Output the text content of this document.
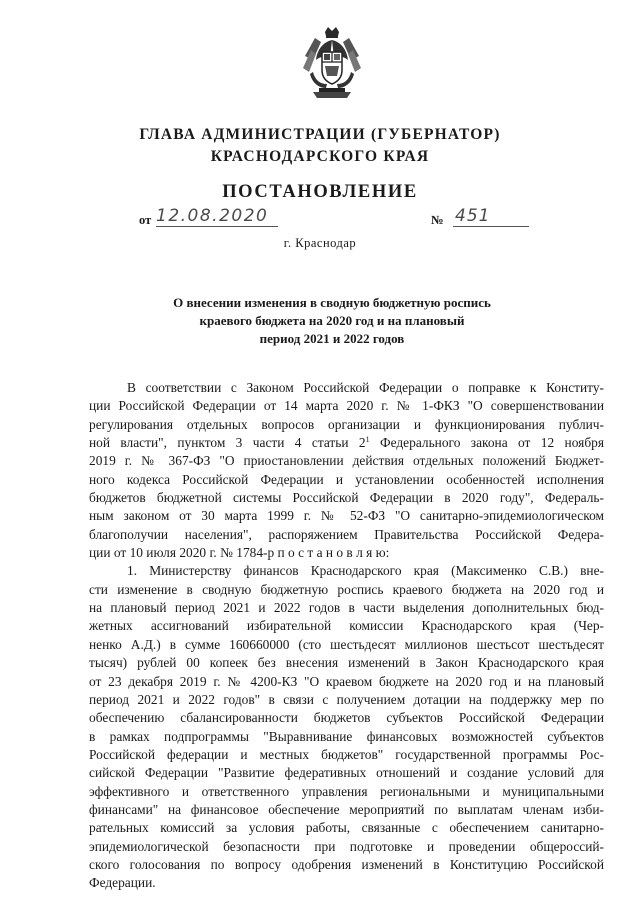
ГЛАВА АДМИНИСТРАЦИИ (ГУБЕРНАТОР)
КРАСНОДАРСКОГО КРАЯ
ПОСТАНОВЛЕНИЕ
от 12.08.2020	№ 451
г. Краснодар
О внесении изменения в сводную бюджетную роспись
краевого бюджета на 2020 год и на плановый
период 2021 и 2022 годов
В соответствии с Законом Российской Федерации о поправке к Конститу-
ции Российской Федерации от 14 марта 2020 г. № 1-ФКЗ "О совершенствовании
регулирования отдельных вопросов организации и функционирования публич-
ной власти", пунктом 3 части 4 статьи $2^1$ Федерального закона от 12 ноября
2019 г. № 367-ФЗ "О приостановлении действия отдельных положений Бюджет-
ного кодекса Российской Федерации и установлении особенностей исполнения
бюджетов бюджетной системы Российской Федерации в 2020 году", Федераль-
ным законом от 30 марта 1999 г. № 52-ФЗ "О санитарно-эпидемиологическом
благополучии населения", распоряжением Правительства Российской Федера-
ции от 10 июля 2020 г. № 1784-р п о с т а н о в л я ю:
1. Министерству финансов Краснодарского края (Максименко С.В.) вне-
сти изменение в сводную бюджетную роспись краевого бюджета на 2020 год и
на плановый период 2021 и 2022 годов в части выделения дополнительных бюд-
жетных ассигнований избирательной комиссии Краснодарского края (Чер-
ненко А.Д.) в сумме 160660000 (сто шестьдесят миллионов шестьсот шестьдесят
тысяч) рублей 00 копеек без внесения изменений в Закон Краснодарского края
от 23 декабря 2019 г. № 4200-КЗ "О краевом бюджете на 2020 год и на плановый
период 2021 и 2022 годов" в связи с получением дотации на поддержку мер по
обеспечению сбалансированности бюджетов субъектов Российской Федерации
в рамках подпрограммы "Выравнивание финансовых возможностей субъектов
Российской федерации и местных бюджетов" государственной программы Рос-
сийской Федерации "Развитие федеративных отношений и создание условий для
эффективного и ответственного управления региональными и муниципальными
финансами" на финансовое обеспечение мероприятий по выплатам членам изби-
рательных комиссий за условия работы, связанные с обеспечением санитарно-
эпидемиологической безопасности при подготовке и проведении общероссий-
ского голосования по вопросу одобрения изменений в Конституцию Российской
Федерации.
